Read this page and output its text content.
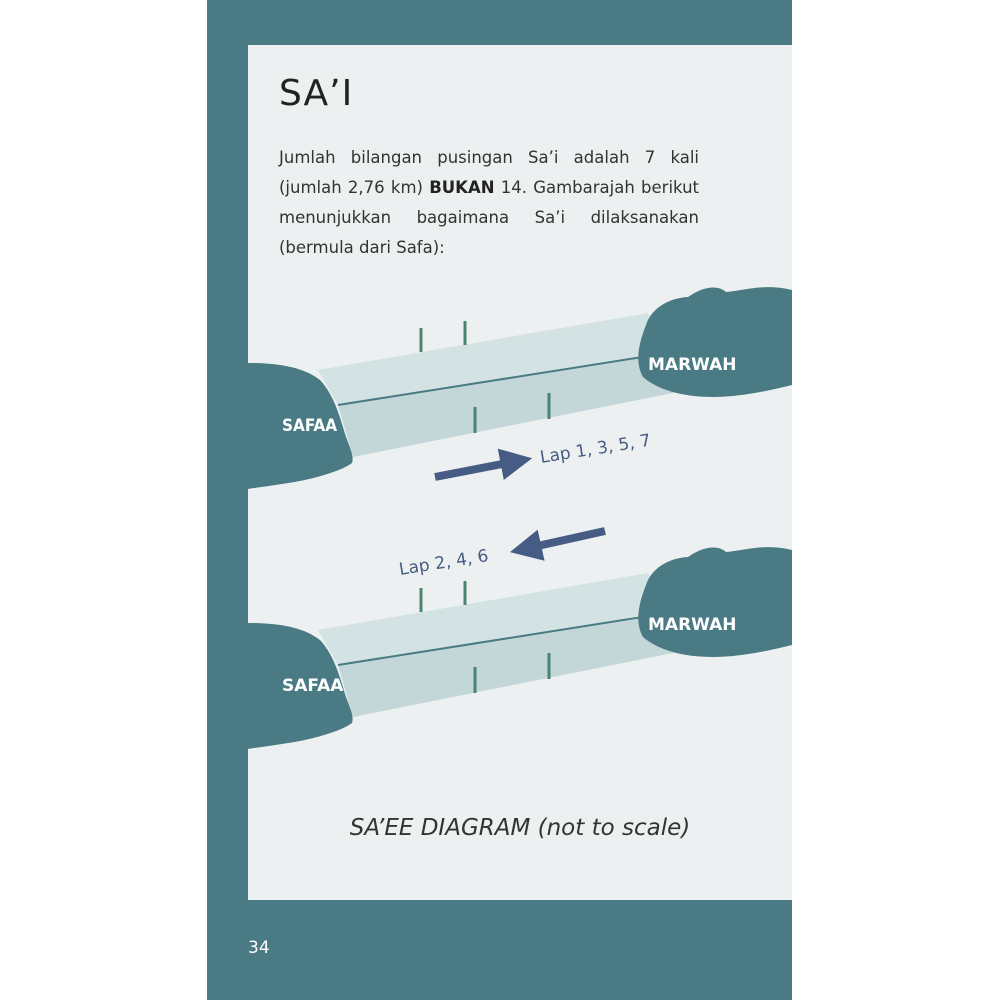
SA’I

Jumlah bilangan pusingan Sa’i adalah 7 kali (jumlah 2,76 km) BUKAN 14. Gambarajah berikut menunjukkan bagaimana Sa’i dilaksanakan (bermula dari Safa):

SAFAA
MARWAH
Lap 1, 3, 5, 7
SAFAA
MARWAH
Lap 2, 4, 6

SA’EE DIAGRAM (not to scale)

34
